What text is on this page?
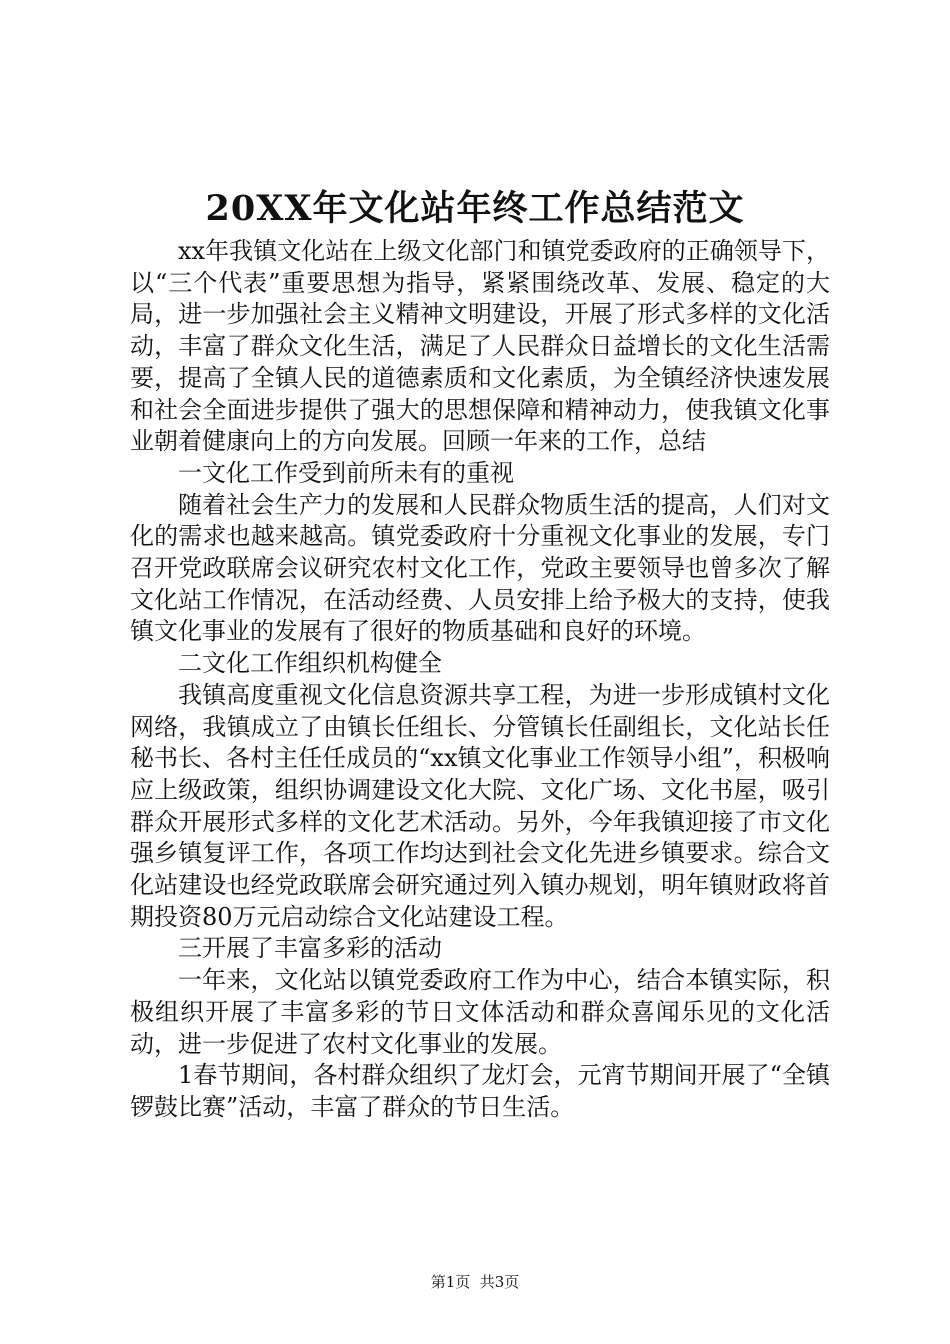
20XX年文化站年终工作总结范文

xx年我镇文化站在上级文化部门和镇党委政府的正确领导下，以“三个代表”重要思想为指导，紧紧围绕改革、发展、稳定的大局，进一步加强社会主义精神文明建设，开展了形式多样的文化活动，丰富了群众文化生活，满足了人民群众日益增长的文化生活需要，提高了全镇人民的道德素质和文化素质，为全镇经济快速发展和社会全面进步提供了强大的思想保障和精神动力，使我镇文化事业朝着健康向上的方向发展。回顾一年来的工作，总结

一文化工作受到前所未有的重视

随着社会生产力的发展和人民群众物质生活的提高，人们对文化的需求也越来越高。镇党委政府十分重视文化事业的发展，专门召开党政联席会议研究农村文化工作，党政主要领导也曾多次了解文化站工作情况，在活动经费、人员安排上给予极大的支持，使我镇文化事业的发展有了很好的物质基础和良好的环境。

二文化工作组织机构健全

我镇高度重视文化信息资源共享工程，为进一步形成镇村文化网络，我镇成立了由镇长任组长、分管镇长任副组长，文化站长任秘书长、各村主任任成员的“xx镇文化事业工作领导小组”，积极响应上级政策，组织协调建设文化大院、文化广场、文化书屋，吸引群众开展形式多样的文化艺术活动。另外，今年我镇迎接了市文化强乡镇复评工作，各项工作均达到社会文化先进乡镇要求。综合文化站建设也经党政联席会研究通过列入镇办规划，明年镇财政将首期投资80万元启动综合文化站建设工程。

三开展了丰富多彩的活动

一年来，文化站以镇党委政府工作为中心，结合本镇实际，积极组织开展了丰富多彩的节日文体活动和群众喜闻乐见的文化活动，进一步促进了农村文化事业的发展。

1春节期间，各村群众组织了龙灯会，元宵节期间开展了“全镇锣鼓比赛”活动，丰富了群众的节日生活。

第1页  共3页
